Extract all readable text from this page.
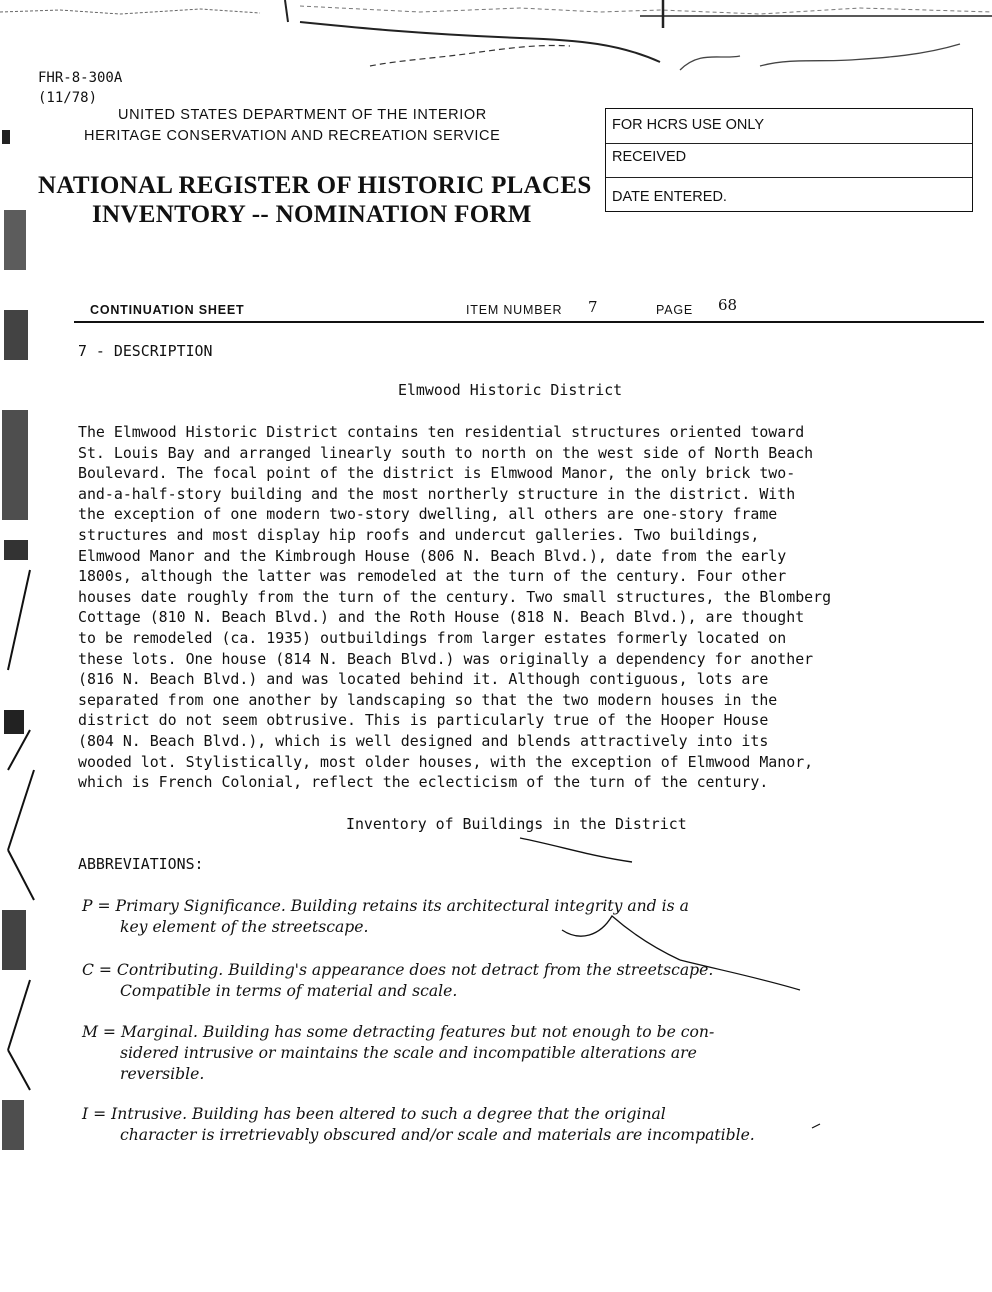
FHR-8-300A
(11/78)
UNITED STATES DEPARTMENT OF THE INTERIOR
HERITAGE CONSERVATION AND RECREATION SERVICE
NATIONAL REGISTER OF HISTORIC PLACES
INVENTORY -- NOMINATION FORM
FOR HCRS USE ONLY
RECEIVED
DATE ENTERED.
CONTINUATION SHEET	ITEM NUMBER 7	PAGE 68
7 - DESCRIPTION
Elmwood Historic District
The Elmwood Historic District contains ten residential structures oriented toward
St. Louis Bay and arranged linearly south to north on the west side of North Beach
Boulevard. The focal point of the district is Elmwood Manor, the only brick two-
and-a-half-story building and the most northerly structure in the district. With
the exception of one modern two-story dwelling, all others are one-story frame
structures and most display hip roofs and undercut galleries. Two buildings,
Elmwood Manor and the Kimbrough House (806 N. Beach Blvd.), date from the early
1800s, although the latter was remodeled at the turn of the century. Four other
houses date roughly from the turn of the century. Two small structures, the Blomberg
Cottage (810 N. Beach Blvd.) and the Roth House (818 N. Beach Blvd.), are thought
to be remodeled (ca. 1935) outbuildings from larger estates formerly located on
these lots. One house (814 N. Beach Blvd.) was originally a dependency for another
(816 N. Beach Blvd.) and was located behind it. Although contiguous, lots are
separated from one another by landscaping so that the two modern houses in the
district do not seem obtrusive. This is particularly true of the Hooper House
(804 N. Beach Blvd.), which is well designed and blends attractively into its
wooded lot. Stylistically, most older houses, with the exception of Elmwood Manor,
which is French Colonial, reflect the eclecticism of the turn of the century.
Inventory of Buildings in the District
ABBREVIATIONS:
P = Primary Significance. Building retains its architectural integrity and is a
key element of the streetscape.
C = Contributing. Building's appearance does not detract from the streetscape.
Compatible in terms of material and scale.
M = Marginal. Building has some detracting features but not enough to be con-
sidered intrusive or maintains the scale and incompatible alterations are
reversible.
I = Intrusive. Building has been altered to such a degree that the original
character is irretrievably obscured and/or scale and materials are incompatible.
